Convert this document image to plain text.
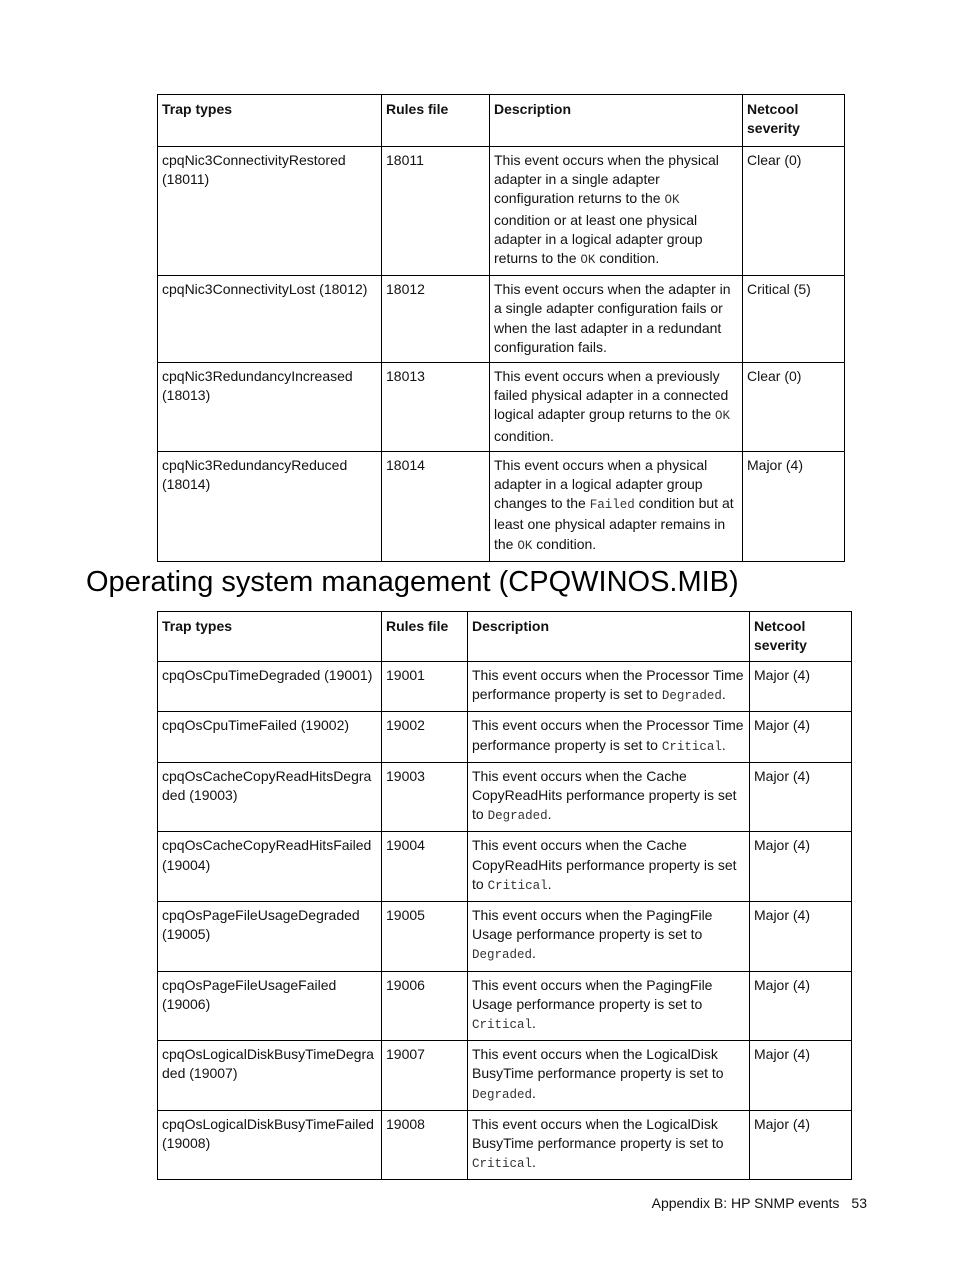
Trap types	Rules file	Description	Netcool severity
cpqNic3ConnectivityRestored (18011)	18011	This event occurs when the physical adapter in a single adapter configuration returns to the OK condition or at least one physical adapter in a logical adapter group returns to the OK condition.	Clear (0)
cpqNic3ConnectivityLost (18012)	18012	This event occurs when the adapter in a single adapter configuration fails or when the last adapter in a redundant configuration fails.	Critical (5)
cpqNic3RedundancyIncreased (18013)	18013	This event occurs when a previously failed physical adapter in a connected logical adapter group returns to the OK condition.	Clear (0)
cpqNic3RedundancyReduced (18014)	18014	This event occurs when a physical adapter in a logical adapter group changes to the Failed condition but at least one physical adapter remains in the OK condition.	Major (4)
Operating system management (CPQWINOS.MIB)
Trap types	Rules file	Description	Netcool severity
cpqOsCpuTimeDegraded (19001)	19001	This event occurs when the Processor Time performance property is set to Degraded.	Major (4)
cpqOsCpuTimeFailed (19002)	19002	This event occurs when the Processor Time performance property is set to Critical.	Major (4)
cpqOsCacheCopyReadHitsDegraded (19003)	19003	This event occurs when the Cache CopyReadHits performance property is set to Degraded.	Major (4)
cpqOsCacheCopyReadHitsFailed (19004)	19004	This event occurs when the Cache CopyReadHits performance property is set to Critical.	Major (4)
cpqOsPageFileUsageDegraded (19005)	19005	This event occurs when the PagingFile Usage performance property is set to Degraded.	Major (4)
cpqOsPageFileUsageFailed (19006)	19006	This event occurs when the PagingFile Usage performance property is set to Critical.	Major (4)
cpqOsLogicalDiskBusyTimeDegraded (19007)	19007	This event occurs when the LogicalDisk BusyTime performance property is set to Degraded.	Major (4)
cpqOsLogicalDiskBusyTimeFailed (19008)	19008	This event occurs when the LogicalDisk BusyTime performance property is set to Critical.	Major (4)
Appendix B: HP SNMP events 53
